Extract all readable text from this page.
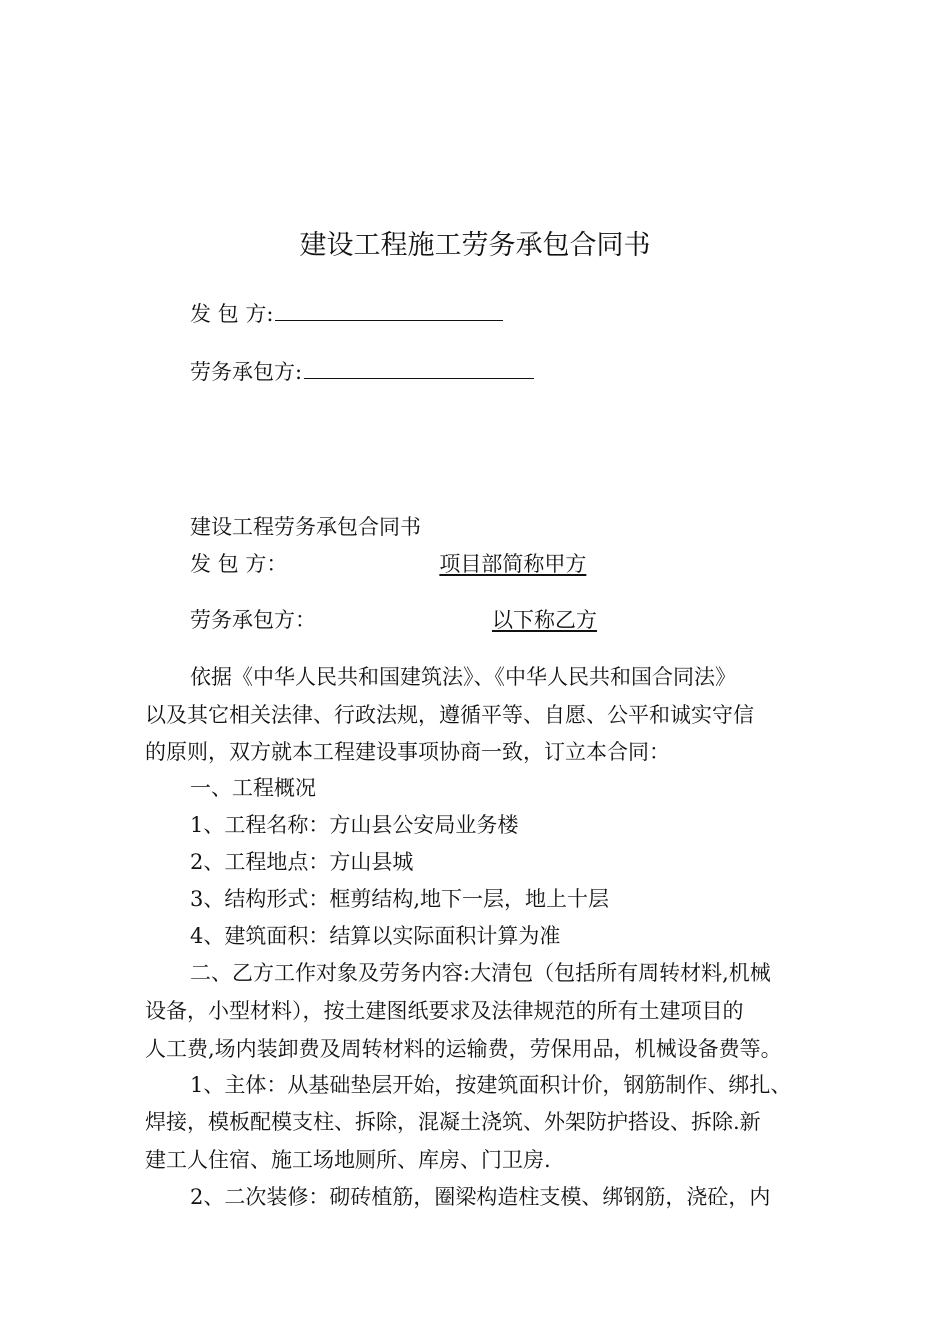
建设工程施工劳务承包合同书
发 包 方:
劳务承包方:
建设工程劳务承包合同书
发 包 方：	项目部简称甲方
劳务承包方：	以下称乙方
依据《中华人民共和国建筑法》、《中华人民共和国合同法》
以及其它相关法律、行政法规，遵循平等、自愿、公平和诚实守信
的原则，双方就本工程建设事项协商一致，订立本合同：
一、工程概况
1、工程名称：方山县公安局业务楼
2、工程地点：方山县城
3、结构形式：框剪结构,地下一层，地上十层
4、建筑面积：结算以实际面积计算为准
二、乙方工作对象及劳务内容:大清包（包括所有周转材料,机械
设备，小型材料），按土建图纸要求及法律规范的所有土建项目的
人工费,场内装卸费及周转材料的运输费，劳保用品，机械设备费等。
1、主体：从基础垫层开始，按建筑面积计价，钢筋制作、绑扎、
焊接，模板配模支柱、拆除，混凝土浇筑、外架防护搭设、拆除.新
建工人住宿、施工场地厕所、库房、门卫房.
2、二次装修：砌砖植筋，圈梁构造柱支模、绑钢筋，浇砼，内
